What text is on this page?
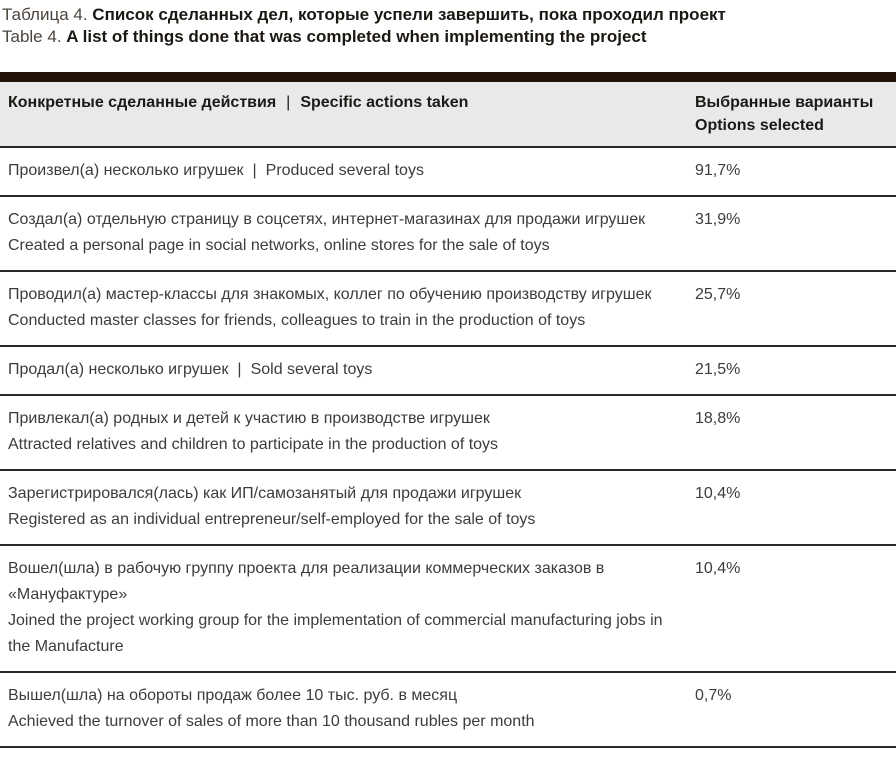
Таблица 4. Список сделанных дел, которые успели завершить, пока проходил проект
Table 4. A list of things done that was completed when implementing the project
Конкретные сделанные действия | Specific actions taken	Выбранные варианты
Options selected

Произвел(а) несколько игрушек | Produced several toys	91,7%

Создал(а) отдельную страницу в соцсетях, интернет-магазинах для продажи игрушек
Created a personal page in social networks, online stores for the sale of toys	31,9%

Проводил(а) мастер-классы для знакомых, коллег по обучению производству игрушек
Conducted master classes for friends, colleagues to train in the production of toys	25,7%
Продал(а) несколько игрушек | Sold several toys	21,5%

Привлекал(а) родных и детей к участию в производстве игрушек
Attracted relatives and children to participate in the production of toys	18,8%

Зарегистрировался(лась) как ИП/самозанятый для продажи игрушек
Registered as an individual entrepreneur/self-employed for the sale of toys	10,4%

Вошел(шла) в рабочую группу проекта для реализации коммерческих заказов в «Мануфактуре»
Joined the project working group for the implementation of commercial manufacturing jobs in the Manufacture	10,4%

Вышел(шла) на обороты продаж более 10 тыс. руб. в месяц
Achieved the turnover of sales of more than 10 thousand rubles per month	0,7%
